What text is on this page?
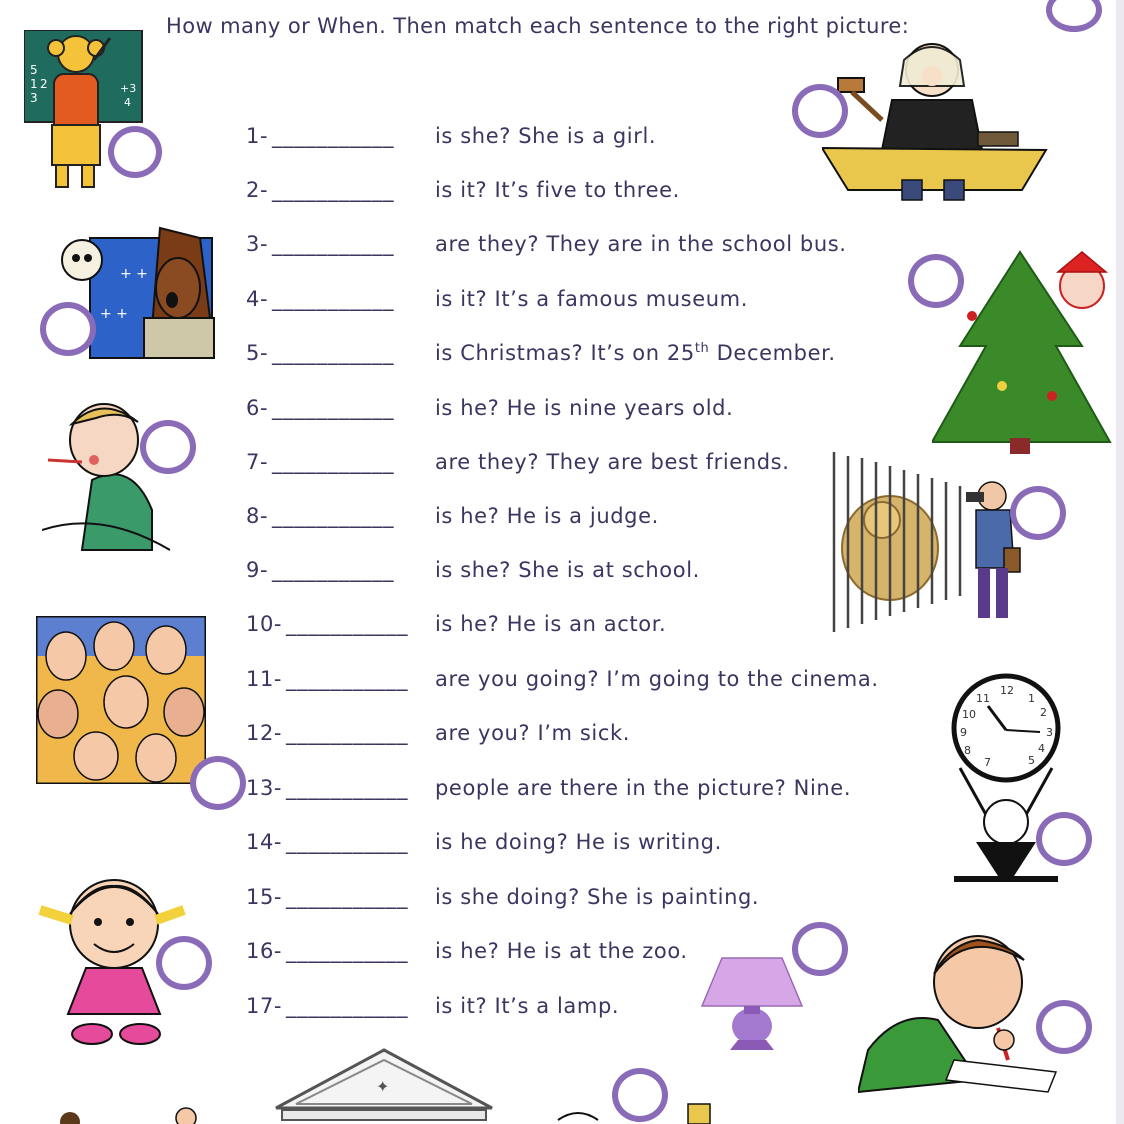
How many or When. Then match each sentence to the right picture:
1- ___________ is she? She is a girl.
2- ___________ is it? It’s five to three.
3- ___________ are they? They are in the school bus.
4- ___________ is it? It’s a famous museum.
5- ___________ is Christmas? It’s on 25th December.
6- ___________ is he? He is nine years old.
7- ___________ are they? They are best friends.
8- ___________ is he? He is a judge.
9- ___________ is she? She is at school.
10- ___________ is he? He is an actor.
11- ___________ are you going? I’m going to the cinema.
12- ___________ are you? I’m sick.
13- ___________ people are there in the picture? Nine.
14- ___________ is he doing? He is writing.
15- ___________ is she doing? She is painting.
16- ___________ is he? He is at the zoo.
17- ___________ is it? It’s a lamp.
5
1 2
3
+3
4
+ +
+ +
12
1
2
3
4
5
7
8
9
10
11
✦
